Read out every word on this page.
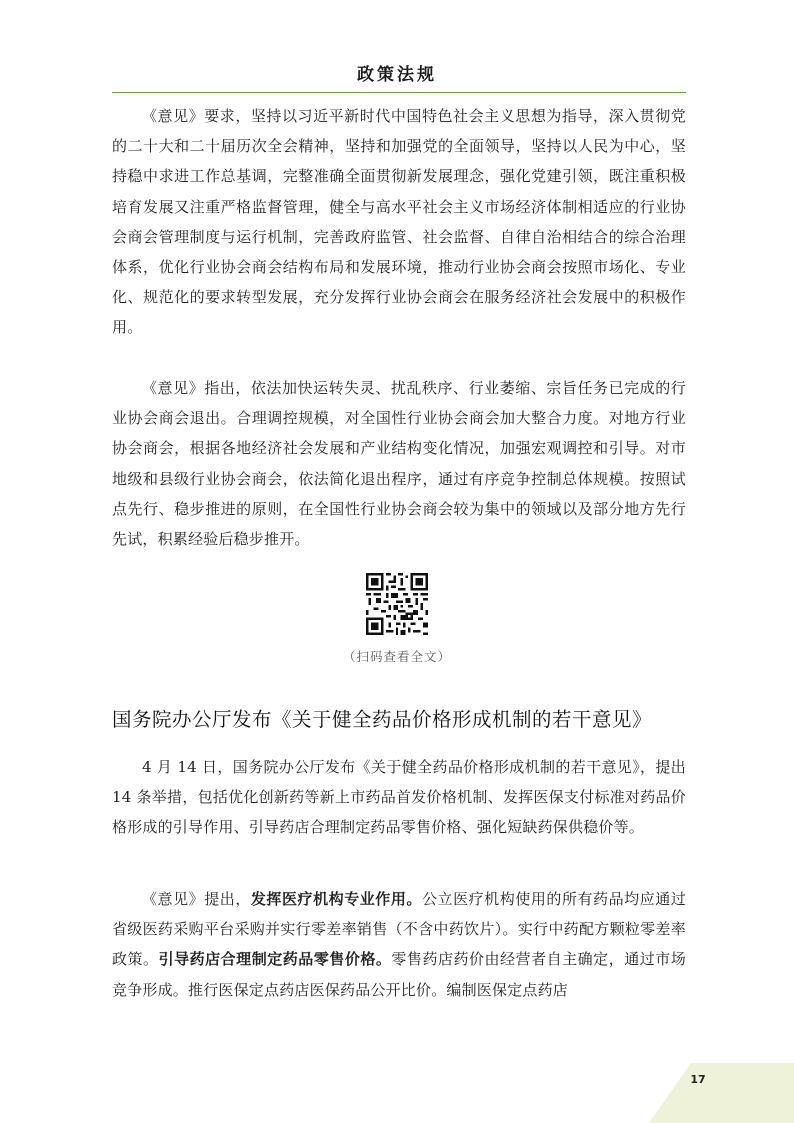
政策法规

《意见》要求，坚持以习近平新时代中国特色社会主义思想为指导，深入贯彻党的二十大和二十届历次全会精神，坚持和加强党的全面领导，坚持以人民为中心，坚持稳中求进工作总基调，完整准确全面贯彻新发展理念，强化党建引领，既注重积极培育发展又注重严格监督管理，健全与高水平社会主义市场经济体制相适应的行业协会商会管理制度与运行机制，完善政府监管、社会监督、自律自治相结合的综合治理体系，优化行业协会商会结构布局和发展环境，推动行业协会商会按照市场化、专业化、规范化的要求转型发展，充分发挥行业协会商会在服务经济社会发展中的积极作用。

《意见》指出，依法加快运转失灵、扰乱秩序、行业萎缩、宗旨任务已完成的行业协会商会退出。合理调控规模，对全国性行业协会商会加大整合力度。对地方行业协会商会，根据各地经济社会发展和产业结构变化情况，加强宏观调控和引导。对市地级和县级行业协会商会，依法简化退出程序，通过有序竞争控制总体规模。按照试点先行、稳步推进的原则，在全国性行业协会商会较为集中的领域以及部分地方先行先试，积累经验后稳步推开。

（扫码查看全文）
国务院办公厅发布《关于健全药品价格形成机制的若干意见》

4 月 14 日，国务院办公厅发布《关于健全药品价格形成机制的若干意见》，提出 14 条举措，包括优化创新药等新上市药品首发价格机制、发挥医保支付标准对药品价格形成的引导作用、引导药店合理制定药品零售价格、强化短缺药保供稳价等。

《意见》提出，发挥医疗机构专业作用。公立医疗机构使用的所有药品均应通过省级医药采购平台采购并实行零差率销售（不含中药饮片）。实行中药配方颗粒零差率政策。引导药店合理制定药品零售价格。零售药店药价由经营者自主确定，通过市场竞争形成。推行医保定点药店医保药品公开比价。编制医保定点药店

17
